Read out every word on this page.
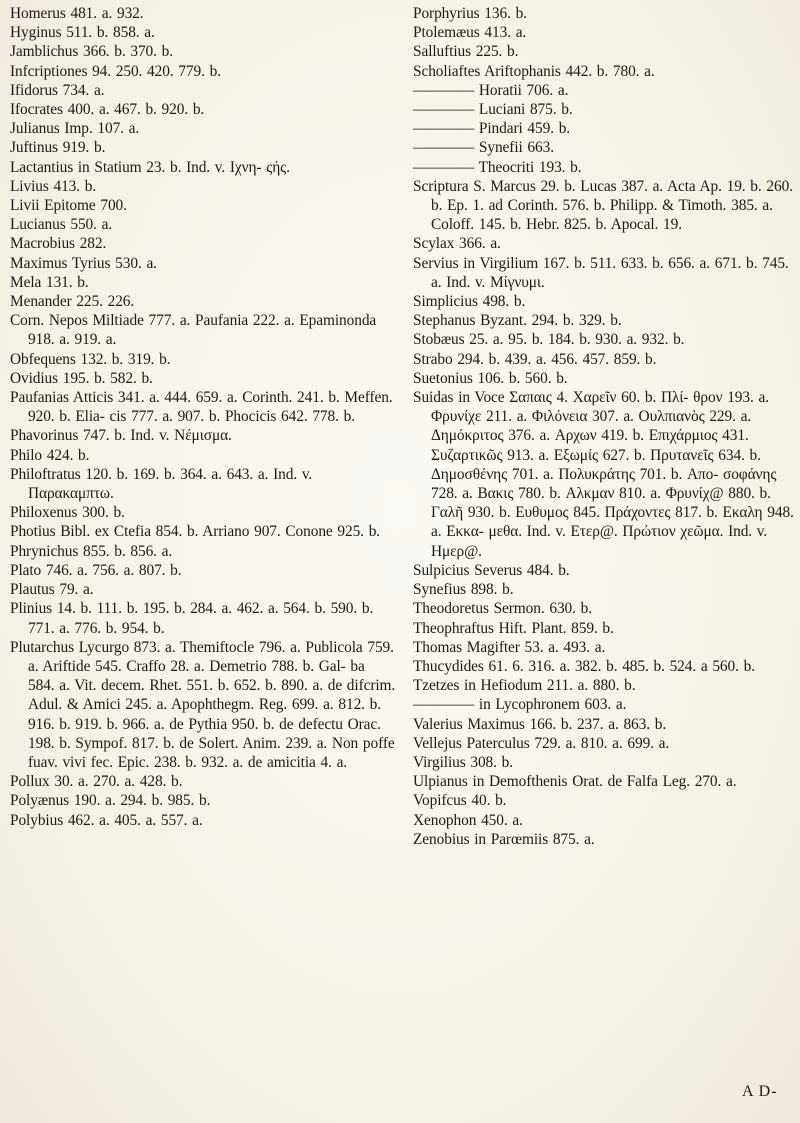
Homerus 481. a. 932.

Hyginus 511. b. 858. a.

Jamblichus 366. b. 370. b.

Infcriptiones 94. 250. 420. 779. b.

Ifidorus 734. a.

Ifocrates 400. a. 467. b. 920. b.

Julianus Imp. 107. a.

Juftinus 919. b.

Lactantius in Statium 23. b. Ind. v. Ιχνη- ςής.

Livius 413. b.

Livii Epitome 700.

Lucianus 550. a.

Macrobius 282.

Maximus Tyrius 530. a.

Mela 131. b.

Menander 225. 226.

Corn. Nepos Miltiade 777. a. Paufania 222. a. Epaminonda 918. a. 919. a.

Obfequens 132. b. 319. b.

Ovidius 195. b. 582. b.

Paufanias Atticis 341. a. 444. 659. a. Corinth. 241. b. Meffen. 920. b. Elia- cis 777. a. 907. b. Phocicis 642. 778. b.

Phavorinus 747. b. Ind. v. Νέμισμα.

Philo 424. b.

Philoftratus 120. b. 169. b. 364. a. 643. a. Ind. v. Παρακαμπτω.

Philoxenus 300. b.

Photius Bibl. ex Ctefia 854. b. Arriano 907. Conone 925. b.

Phrynichus 855. b. 856. a.

Plato 746. a. 756. a. 807. b.

Plautus 79. a.

Plinius 14. b. 111. b. 195. b. 284. a. 462. a. 564. b. 590. b. 771. a. 776. b. 954. b.

Plutarchus Lycurgo 873. a. Themiftocle 796. a. Publicola 759. a. Ariftide 545. Craffo 28. a. Demetrio 788. b. Gal- ba 584. a. Vit. decem. Rhet. 551. b. 652. b. 890. a. de difcrim. Adul. & Amici 245. a. Apophthegm. Reg. 699. a. 812. b. 916. b. 919. b. 966. a. de Pythia 950. b. de defectu Orac. 198. b. Sympof. 817. b. de Solert. Anim. 239. a. Non poffe fuav. vivi fec. Epic. 238. b. 932. a. de amicitia 4. a.

Pollux 30. a. 270. a. 428. b.

Polyænus 190. a. 294. b. 985. b.

Polybius 462. a. 405. a. 557. a.

Porphyrius 136. b.

Ptolemæus 413. a.

Salluftius 225. b.

Scholiaftes Ariftophanis 442. b. 780. a.

———— Horatii 706. a.

———— Luciani 875. b.

———— Pindari 459. b.

———— Synefii 663.

———— Theocriti 193. b.

Scriptura S. Marcus 29. b. Lucas 387. a. Acta Ap. 19. b. 260. b. Ep. 1. ad Corinth. 576. b. Philipp. & Timoth. 385. a. Coloff. 145. b. Hebr. 825. b. Apocal. 19.

Scylax 366. a.

Servius in Virgilium 167. b. 511. 633. b. 656. a. 671. b. 745. a. Ind. v. Μίγνυμι.

Simplicius 498. b.

Stephanus Byzant. 294. b. 329. b.

Stobæus 25. a. 95. b. 184. b. 930. a. 932. b.

Strabo 294. b. 439. a. 456. 457. 859. b.

Suetonius 106. b. 560. b.

Suidas in Voce Σαπαις 4. Χαρεῖν 60. b. Πλί- θρον 193. a. Φρυνίχε 211. a. Φιλόνεια 307. a. Ουλπιανὸς 229. a. Δημόκριτος 376. a. Αρχων 419. b. Επιχάρμιος 431. Συζαρτικῶς 913. a. Εξωμίς 627. b. Πρυτανεῖς 634. b. Δημοσθένης 701. a. Πολυκράτης 701. b. Απο- σοφάνης 728. a. Βακις 780. b. Αλκμαν 810. a. Φρυνίχ@ 880. b. Γαλῆ 930. b. Ευθυμος 845. Πράχοντες 817. b. Εκαλη 948. a. Εκκα- μεθα. Ind. v. Ετερ@. Πρώτιον χεῶμα. Ind. v. Ημερ@.

Sulpicius Severus 484. b.

Synefius 898. b.

Theodoretus Sermon. 630. b.

Theophraftus Hift. Plant. 859. b.

Thomas Magifter 53. a. 493. a.

Thucydides 61. 6. 316. a. 382. b. 485. b. 524. a 560. b.

Tzetzes in Hefiodum 211. a. 880. b.

———— in Lycophronem 603. a.

Valerius Maximus 166. b. 237. a. 863. b.

Vellejus Paterculus 729. a. 810. a. 699. a.

Virgilius 308. b.

Ulpianus in Demofthenis Orat. de Falfa Leg. 270. a.

Vopifcus 40. b.

Xenophon 450. a.

Zenobius in Parœmiis 875. a.

A D-
